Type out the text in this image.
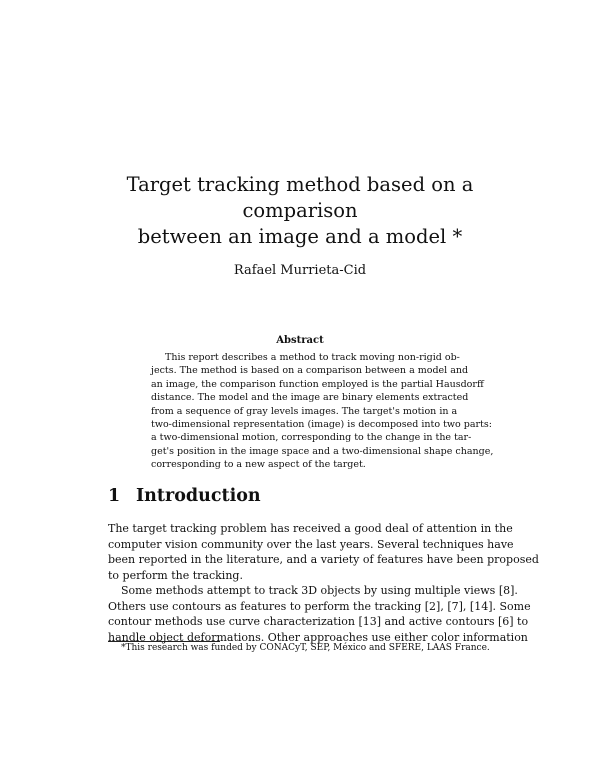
Target tracking method based on a
comparison
between an image and a model *

Rafael Murrieta-Cid

Abstract

This report describes a method to track moving non-rigid ob-
jects. The method is based on a comparison between a model and
an image, the comparison function employed is the partial Hausdorff
distance. The model and the image are binary elements extracted
from a sequence of gray levels images. The target's motion in a
two-dimensional representation (image) is decomposed into two parts:
a two-dimensional motion, corresponding to the change in the tar-
get's position in the image space and a two-dimensional shape change,
corresponding to a new aspect of the target.
1 Introduction
The target tracking problem has received a good deal of attention in the
computer vision community over the last years. Several techniques have
been reported in the literature, and a variety of features have been proposed
to perform the tracking.
Some methods attempt to track 3D objects by using multiple views [8].
Others use contours as features to perform the tracking [2], [7], [14]. Some
contour methods use curve characterization [13] and active contours [6] to
handle object deformations. Other approaches use either color information

*This research was funded by CONACyT, SEP, México and SFERE, LAAS France.
